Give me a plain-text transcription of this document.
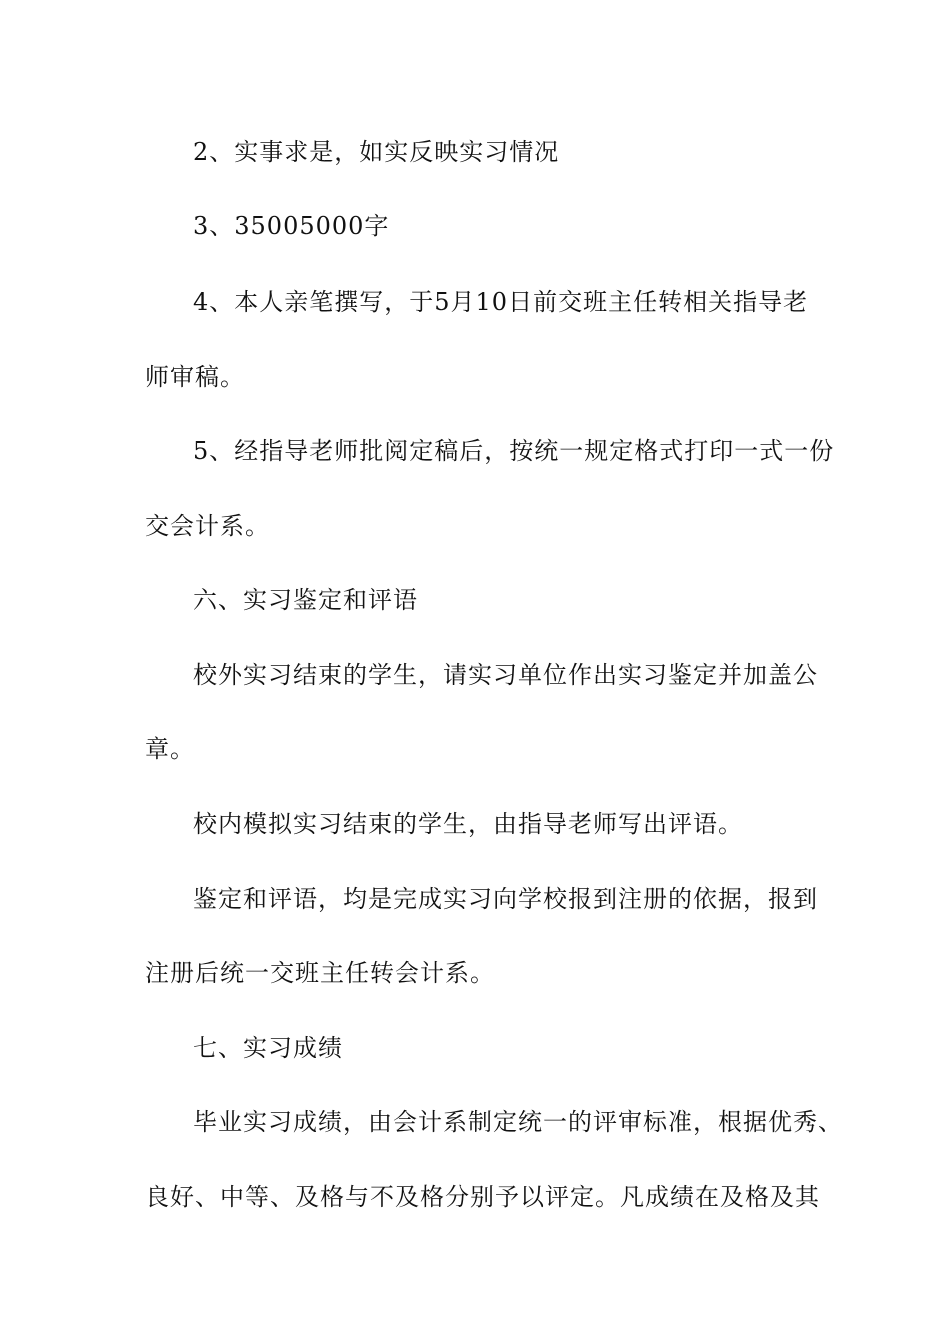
2、实事求是，如实反映实习情况
3、35005000字
4、本人亲笔撰写，于5月10日前交班主任转相关指导老
师审稿。
5、经指导老师批阅定稿后，按统一规定格式打印一式一份
交会计系。
六、实习鉴定和评语
校外实习结束的学生，请实习单位作出实习鉴定并加盖公
章。
校内模拟实习结束的学生，由指导老师写出评语。
鉴定和评语，均是完成实习向学校报到注册的依据，报到
注册后统一交班主任转会计系。
七、实习成绩
毕业实习成绩，由会计系制定统一的评审标准，根据优秀、
良好、中等、及格与不及格分别予以评定。凡成绩在及格及其
